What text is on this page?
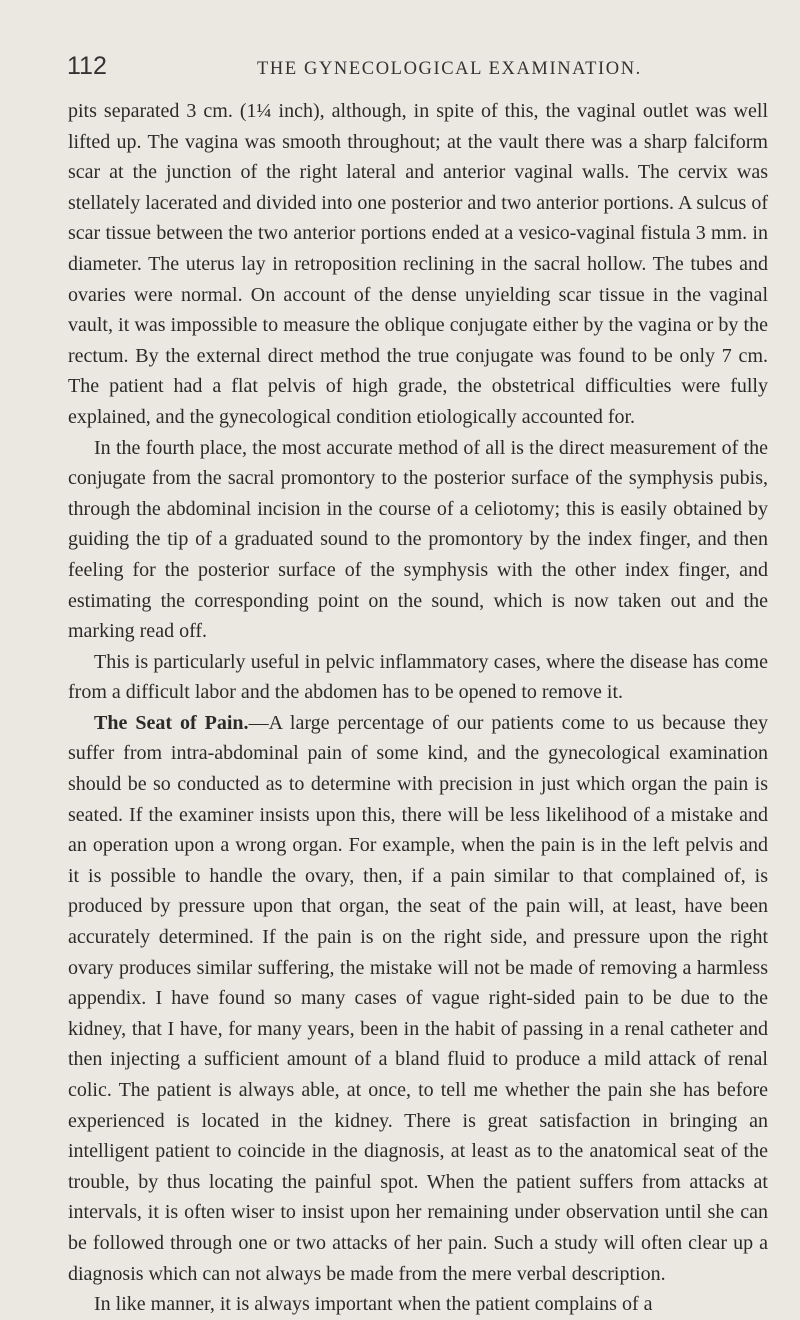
112	THE GYNECOLOGICAL EXAMINATION.

pits separated 3 cm. (1¼ inch), although, in spite of this, the vaginal outlet was well lifted up. The vagina was smooth throughout; at the vault there was a sharp falciform scar at the junction of the right lateral and anterior vaginal walls. The cervix was stellately lacerated and divided into one posterior and two anterior portions. A sulcus of scar tissue between the two anterior portions ended at a vesico-vaginal fistula 3 mm. in diameter. The uterus lay in retroposition reclining in the sacral hollow. The tubes and ovaries were normal. On account of the dense unyielding scar tissue in the vaginal vault, it was impossible to measure the oblique conjugate either by the vagina or by the rectum. By the external direct method the true conjugate was found to be only 7 cm. The patient had a flat pelvis of high grade, the obstetrical difficulties were fully explained, and the gynecological condition etiologically accounted for.

In the fourth place, the most accurate method of all is the direct measurement of the conjugate from the sacral promontory to the posterior surface of the symphysis pubis, through the abdominal incision in the course of a celiotomy; this is easily obtained by guiding the tip of a graduated sound to the promontory by the index finger, and then feeling for the posterior surface of the symphysis with the other index finger, and estimating the corresponding point on the sound, which is now taken out and the marking read off.

This is particularly useful in pelvic inflammatory cases, where the disease has come from a difficult labor and the abdomen has to be opened to remove it.

The Seat of Pain.—A large percentage of our patients come to us because they suffer from intra-abdominal pain of some kind, and the gynecological examination should be so conducted as to determine with precision in just which organ the pain is seated. If the examiner insists upon this, there will be less likelihood of a mistake and an operation upon a wrong organ. For example, when the pain is in the left pelvis and it is possible to handle the ovary, then, if a pain similar to that complained of, is produced by pressure upon that organ, the seat of the pain will, at least, have been accurately determined. If the pain is on the right side, and pressure upon the right ovary produces similar suffering, the mistake will not be made of removing a harmless appendix. I have found so many cases of vague right-sided pain to be due to the kidney, that I have, for many years, been in the habit of passing in a renal catheter and then injecting a sufficient amount of a bland fluid to produce a mild attack of renal colic. The patient is always able, at once, to tell me whether the pain she has before experienced is located in the kidney. There is great satisfaction in bringing an intelligent patient to coincide in the diagnosis, at least as to the anatomical seat of the trouble, by thus locating the painful spot. When the patient suffers from attacks at intervals, it is often wiser to insist upon her remaining under observation until she can be followed through one or two attacks of her pain. Such a study will often clear up a diagnosis which can not always be made from the mere verbal description.

In like manner, it is always important when the patient complains of a
